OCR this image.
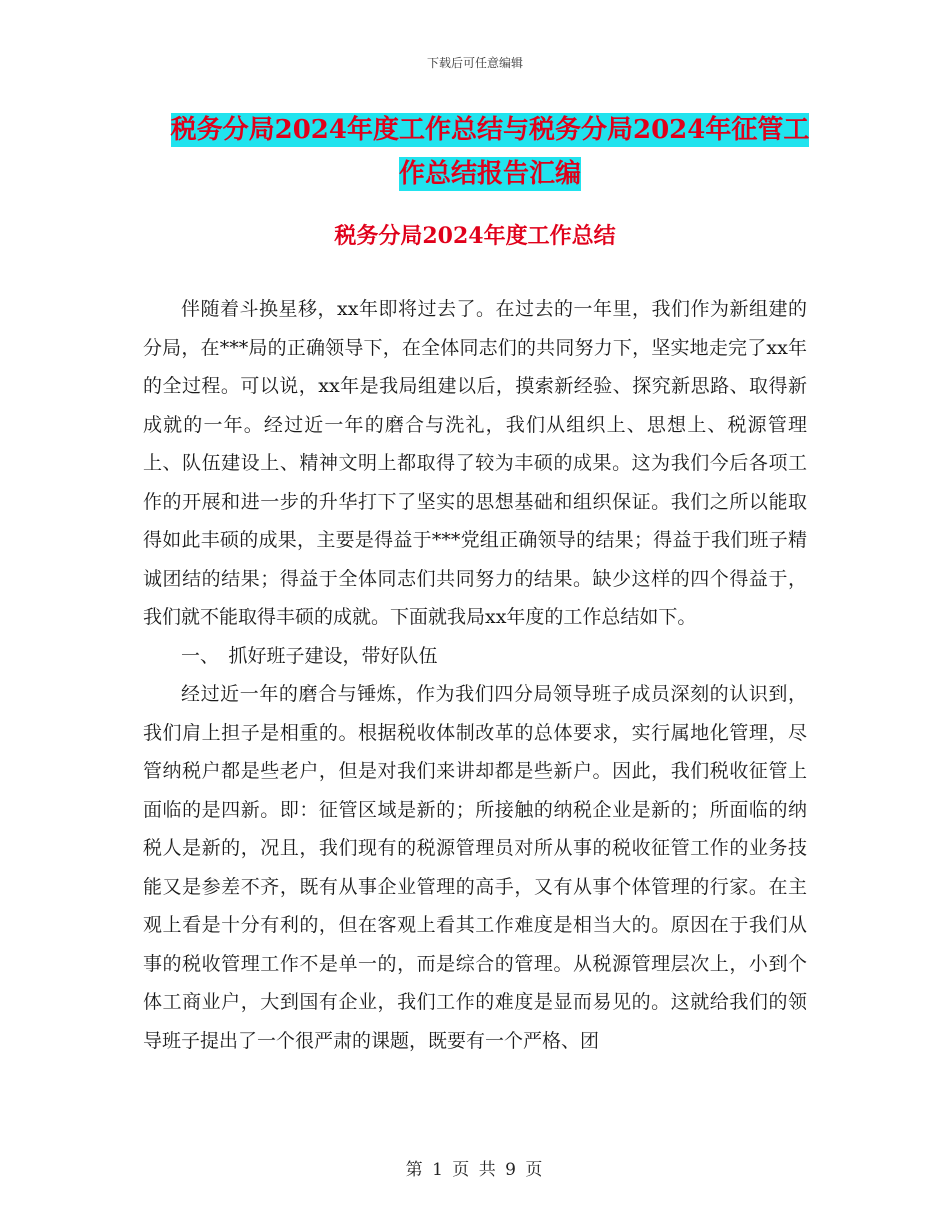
下载后可任意编辑
税务分局2024年度工作总结与税务分局2024年征管工作总结报告汇编
税务分局2024年度工作总结

伴随着斗换星移，xx年即将过去了。在过去的一年里，我们作为新组建的分局，在***局的正确领导下，在全体同志们的共同努力下，坚实地走完了xx年的全过程。可以说，xx年是我局组建以后，摸索新经验、探究新思路、取得新成就的一年。经过近一年的磨合与洗礼，我们从组织上、思想上、税源管理上、队伍建设上、精神文明上都取得了较为丰硕的成果。这为我们今后各项工作的开展和进一步的升华打下了坚实的思想基础和组织保证。我们之所以能取得如此丰硕的成果，主要是得益于***党组正确领导的结果；得益于我们班子精诚团结的结果；得益于全体同志们共同努力的结果。缺少这样的四个得益于，我们就不能取得丰硕的成就。下面就我局xx年度的工作总结如下。

一、　抓好班子建设，带好队伍

经过近一年的磨合与锤炼，作为我们四分局领导班子成员深刻的认识到，我们肩上担子是相重的。根据税收体制改革的总体要求，实行属地化管理，尽管纳税户都是些老户，但是对我们来讲却都是些新户。因此，我们税收征管上面临的是四新。即：征管区域是新的；所接触的纳税企业是新的；所面临的纳税人是新的，况且，我们现有的税源管理员对所从事的税收征管工作的业务技能又是参差不齐，既有从事企业管理的高手，又有从事个体管理的行家。在主观上看是十分有利的，但在客观上看其工作难度是相当大的。原因在于我们从事的税收管理工作不是单一的，而是综合的管理。从税源管理层次上，小到个体工商业户，大到国有企业，我们工作的难度是显而易见的。这就给我们的领导班子提出了一个很严肃的课题，既要有一个严格、团

第 1 页 共 9 页
